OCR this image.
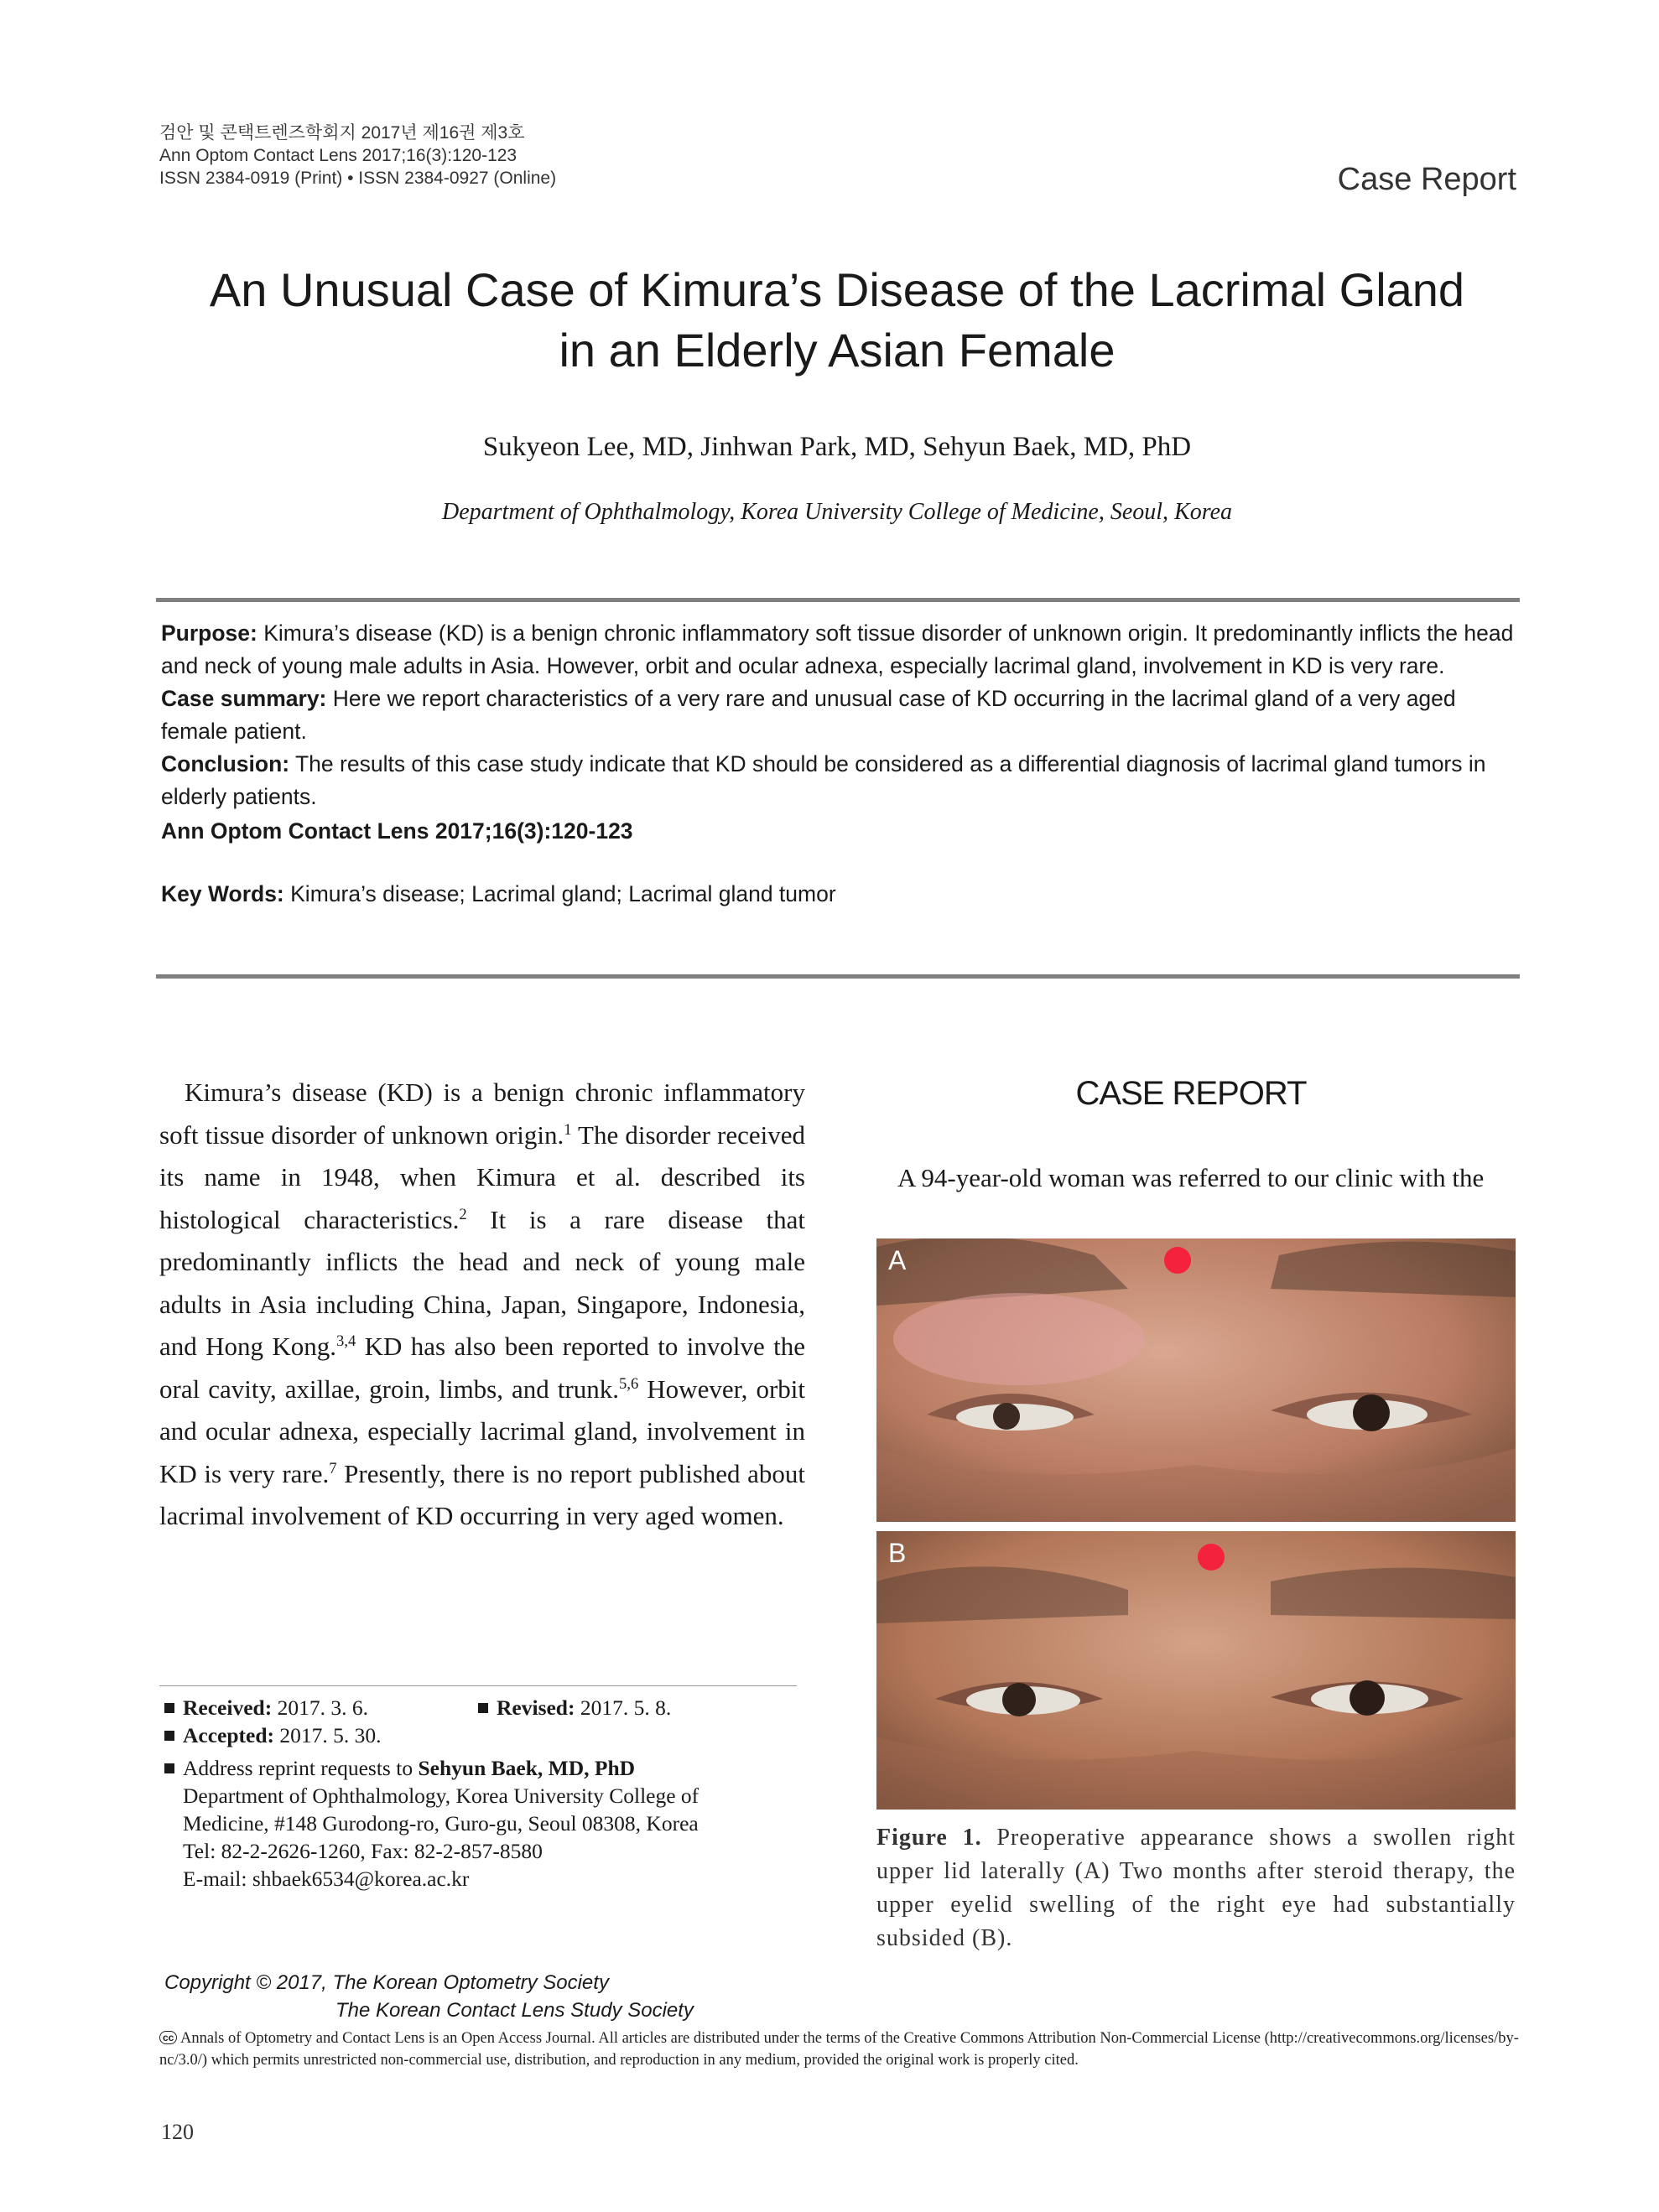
검안 및 콘택트렌즈학회지 2017년 제16권 제3호
Ann Optom Contact Lens 2017;16(3):120-123
ISSN 2384-0919 (Print) • ISSN 2384-0927 (Online)	Case Report
An Unusual Case of Kimura’s Disease of the Lacrimal Gland
in an Elderly Asian Female
Sukyeon Lee, MD, Jinhwan Park, MD, Sehyun Baek, MD, PhD
Department of Ophthalmology, Korea University College of Medicine, Seoul, Korea

Purpose: Kimura’s disease (KD) is a benign chronic inflammatory soft tissue disorder of unknown origin. It predominantly inflicts the head and neck of young male adults in Asia. However, orbit and ocular adnexa, especially lacrimal gland, involvement in KD is very rare.

Case summary: Here we report characteristics of a very rare and unusual case of KD occurring in the lacrimal gland of a very aged female patient.

Conclusion: The results of this case study indicate that KD should be considered as a differential diagnosis of lacrimal gland tumors in elderly patients.

Ann Optom Contact Lens 2017;16(3):120-123

Key Words: Kimura’s disease; Lacrimal gland; Lacrimal gland tumor

Kimura’s disease (KD) is a benign chronic inflammatory soft tissue disorder of unknown origin.$^1$ The disorder received its name in 1948, when Kimura et al. described its histological characteristics.$^2$ It is a rare disease that predominantly inflicts the head and neck of young male adults in Asia including China, Japan, Singapore, Indonesia, and Hong Kong.$^{3,4}$ KD has also been reported to involve the oral cavity, axillae, groin, limbs, and trunk.$^{5,6}$ However, orbit and ocular adnexa, especially lacrimal gland, involvement in KD is very rare.$^7$ Presently, there is no report published about lacrimal involvement of KD occurring in very aged women.

Received: 2017. 3. 6.	Revised: 2017. 5. 8.
Accepted: 2017. 5. 30.
Address reprint requests to Sehyun Baek, MD, PhD
Department of Ophthalmology, Korea University College of
Medicine, #148 Gurodong-ro, Guro-gu, Seoul 08308, Korea
Tel: 82-2-2626-1260, Fax: 82-2-857-8580
E-mail: shbaek6534@korea.ac.kr
CASE REPORT

A 94-year-old woman was referred to our clinic with the

A
B
Figure 1. Preoperative appearance shows a swollen right upper lid laterally (A) Two months after steroid therapy, the upper eyelid swelling of the right eye had substantially subsided (B).
Copyright © 2017, The Korean Optometry Society
The Korean Contact Lens Study Society

cc Annals of Optometry and Contact Lens is an Open Access Journal. All articles are distributed under the terms of the Creative Commons Attribution Non-Commercial License (http://creativecommons.org/licenses/by-nc/3.0/) which permits unrestricted non-commercial use, distribution, and reproduction in any medium, provided the original work is properly cited.

120
